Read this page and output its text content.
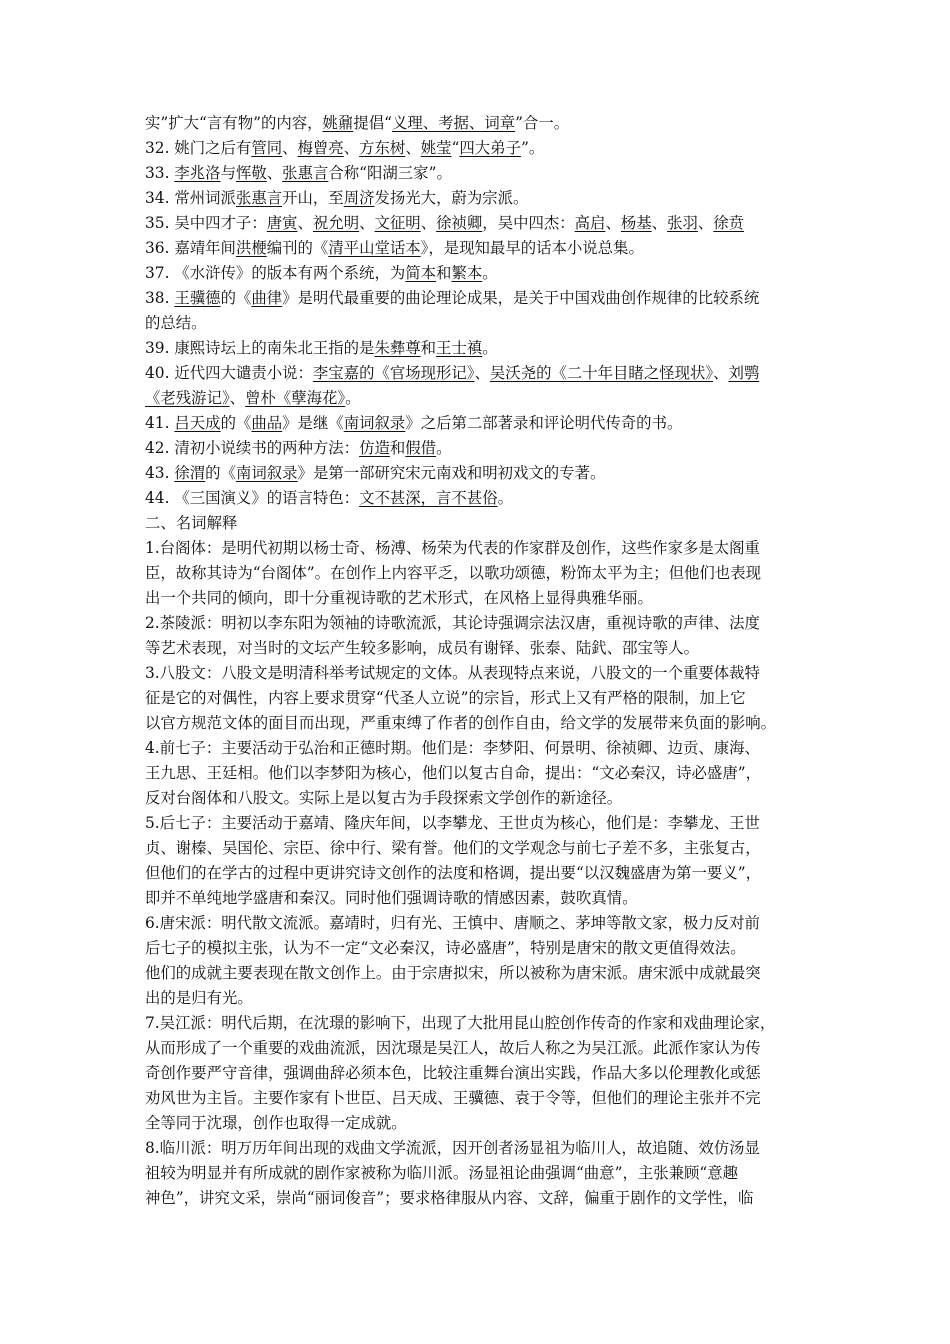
实”扩大“言有物”的内容，姚鼐提倡“义理、考据、词章”合一。
32. 姚门之后有管同、梅曾亮、方东树、姚莹“四大弟子”。
33. 李兆洛与恽敬、张惠言合称“阳湖三家”。
34. 常州词派张惠言开山，至周济发扬光大，蔚为宗派。
35. 吴中四才子：唐寅、祝允明、文征明、徐祯卿，吴中四杰：高启、杨基、张羽、徐贲
36. 嘉靖年间洪楩编刊的《清平山堂话本》，是现知最早的话本小说总集。
37. 《水浒传》的版本有两个系统，为简本和繁本。
38. 王骥德的《曲律》是明代最重要的曲论理论成果，是关于中国戏曲创作规律的比较系统
的总结。
39. 康熙诗坛上的南朱北王指的是朱彝尊和王士禛。
40. 近代四大谴责小说：李宝嘉的《官场现形记》、吴沃尧的《二十年目睹之怪现状》、刘鹗
《老残游记》、曾朴《孽海花》。
41. 吕天成的《曲品》是继《南词叙录》之后第二部著录和评论明代传奇的书。
42. 清初小说续书的两种方法：仿造和假借。
43. 徐渭的《南词叙录》是第一部研究宋元南戏和明初戏文的专著。
44. 《三国演义》的语言特色：文不甚深，言不甚俗。
二、名词解释
1.台阁体：是明代初期以杨士奇、杨溥、杨荣为代表的作家群及创作，这些作家多是太阁重
臣，故称其诗为“台阁体”。在创作上内容平乏，以歌功颂德，粉饰太平为主；但他们也表现
出一个共同的倾向，即十分重视诗歌的艺术形式，在风格上显得典雅华丽。
2.茶陵派：明初以李东阳为领袖的诗歌流派，其论诗强调宗法汉唐，重视诗歌的声律、法度
等艺术表现，对当时的文坛产生较多影响，成员有谢铎、张泰、陆釴、邵宝等人。
3.八股文：八股文是明清科举考试规定的文体。从表现特点来说，八股文的一个重要体裁特
征是它的对偶性，内容上要求贯穿“代圣人立说”的宗旨，形式上又有严格的限制，加上它
以官方规范文体的面目而出现，严重束缚了作者的创作自由，给文学的发展带来负面的影响。
4.前七子：主要活动于弘治和正德时期。他们是：李梦阳、何景明、徐祯卿、边贡、康海、
王九思、王廷相。他们以李梦阳为核心，他们以复古自命，提出：“文必秦汉，诗必盛唐”，
反对台阁体和八股文。实际上是以复古为手段探索文学创作的新途径。
5.后七子：主要活动于嘉靖、隆庆年间，以李攀龙、王世贞为核心，他们是：李攀龙、王世
贞、谢榛、吴国伦、宗臣、徐中行、梁有誉。他们的文学观念与前七子差不多，主张复古，
但他们的在学古的过程中更讲究诗文创作的法度和格调，提出要“以汉魏盛唐为第一要义”，
即并不单纯地学盛唐和秦汉。同时他们强调诗歌的情感因素，鼓吹真情。
6.唐宋派：明代散文流派。嘉靖时，归有光、王慎中、唐顺之、茅坤等散文家，极力反对前
后七子的模拟主张，认为不一定“文必秦汉，诗必盛唐”，特别是唐宋的散文更值得效法。
他们的成就主要表现在散文创作上。由于宗唐拟宋，所以被称为唐宋派。唐宋派中成就最突
出的是归有光。
7.吴江派：明代后期，在沈璟的影响下，出现了大批用昆山腔创作传奇的作家和戏曲理论家，
从而形成了一个重要的戏曲流派，因沈璟是吴江人，故后人称之为吴江派。此派作家认为传
奇创作要严守音律，强调曲辞必须本色，比较注重舞台演出实践，作品大多以伦理教化或惩
劝风世为主旨。主要作家有卜世臣、吕天成、王骥德、袁于令等，但他们的理论主张并不完
全等同于沈璟，创作也取得一定成就。
8.临川派：明万历年间出现的戏曲文学流派，因开创者汤显祖为临川人，故追随、效仿汤显
祖较为明显并有所成就的剧作家被称为临川派。汤显祖论曲强调“曲意”，主张兼顾“意趣
神色”，讲究文采，崇尚“丽词俊音”；要求格律服从内容、文辞，偏重于剧作的文学性，临
